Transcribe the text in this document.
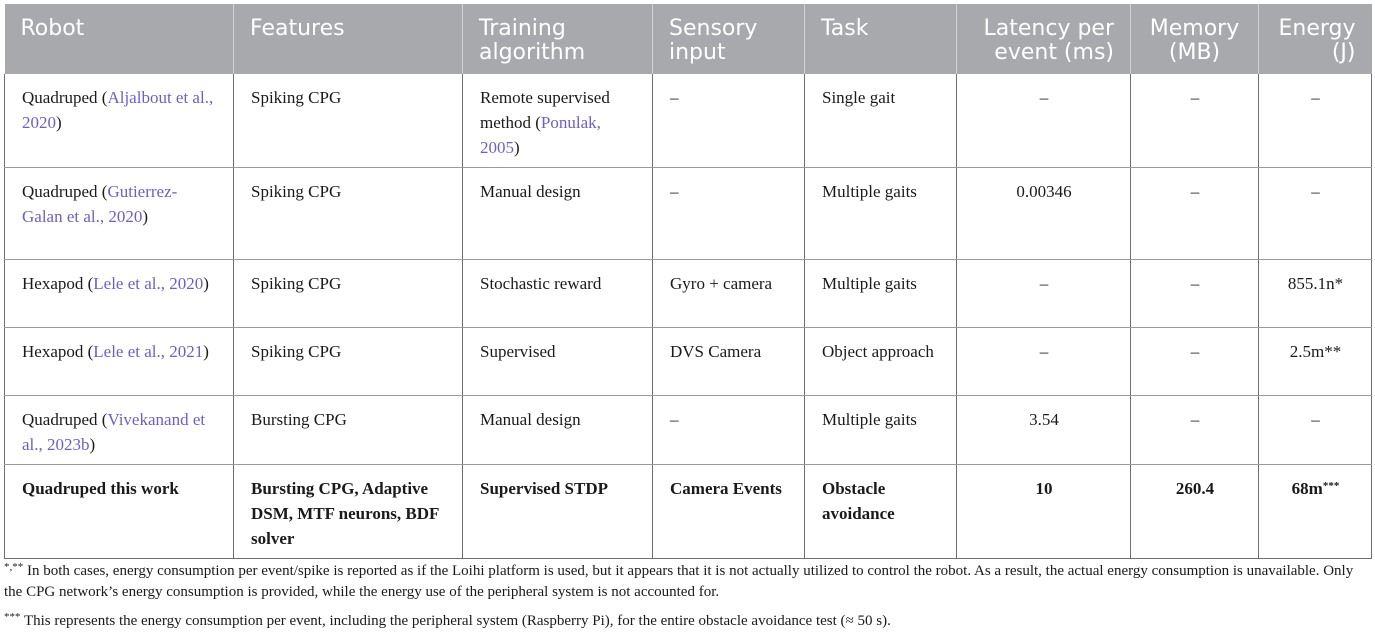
Robot	Features	Training algorithm	Sensory input	Task	Latency per event (ms)	Memory (MB)	Energy (J)
Quadruped (Aljalbout et al., 2020)	Spiking CPG	Remote supervised method (Ponulak, 2005)	–	Single gait	–	–	–
Quadruped (Gutierrez-Galan et al., 2020)	Spiking CPG	Manual design	–	Multiple gaits	0.00346	–	–
Hexapod (Lele et al., 2020)	Spiking CPG	Stochastic reward	Gyro + camera	Multiple gaits	–	–	855.1n*
Hexapod (Lele et al., 2021)	Spiking CPG	Supervised	DVS Camera	Object approach	–	–	2.5m**
Quadruped (Vivekanand et al., 2023b)	Bursting CPG	Manual design	–	Multiple gaits	3.54	–	–
Quadruped this work	Bursting CPG, Adaptive DSM, MTF neurons, BDF solver	Supervised STDP	Camera Events	Obstacle avoidance	10	260.4	68m***
*,** In both cases, energy consumption per event/spike is reported as if the Loihi platform is used, but it appears that it is not actually utilized to control the robot. As a result, the actual energy consumption is unavailable. Only the CPG network’s energy consumption is provided, while the energy use of the peripheral system is not accounted for.
*** This represents the energy consumption per event, including the peripheral system (Raspberry Pi), for the entire obstacle avoidance test (≈ 50 s).
